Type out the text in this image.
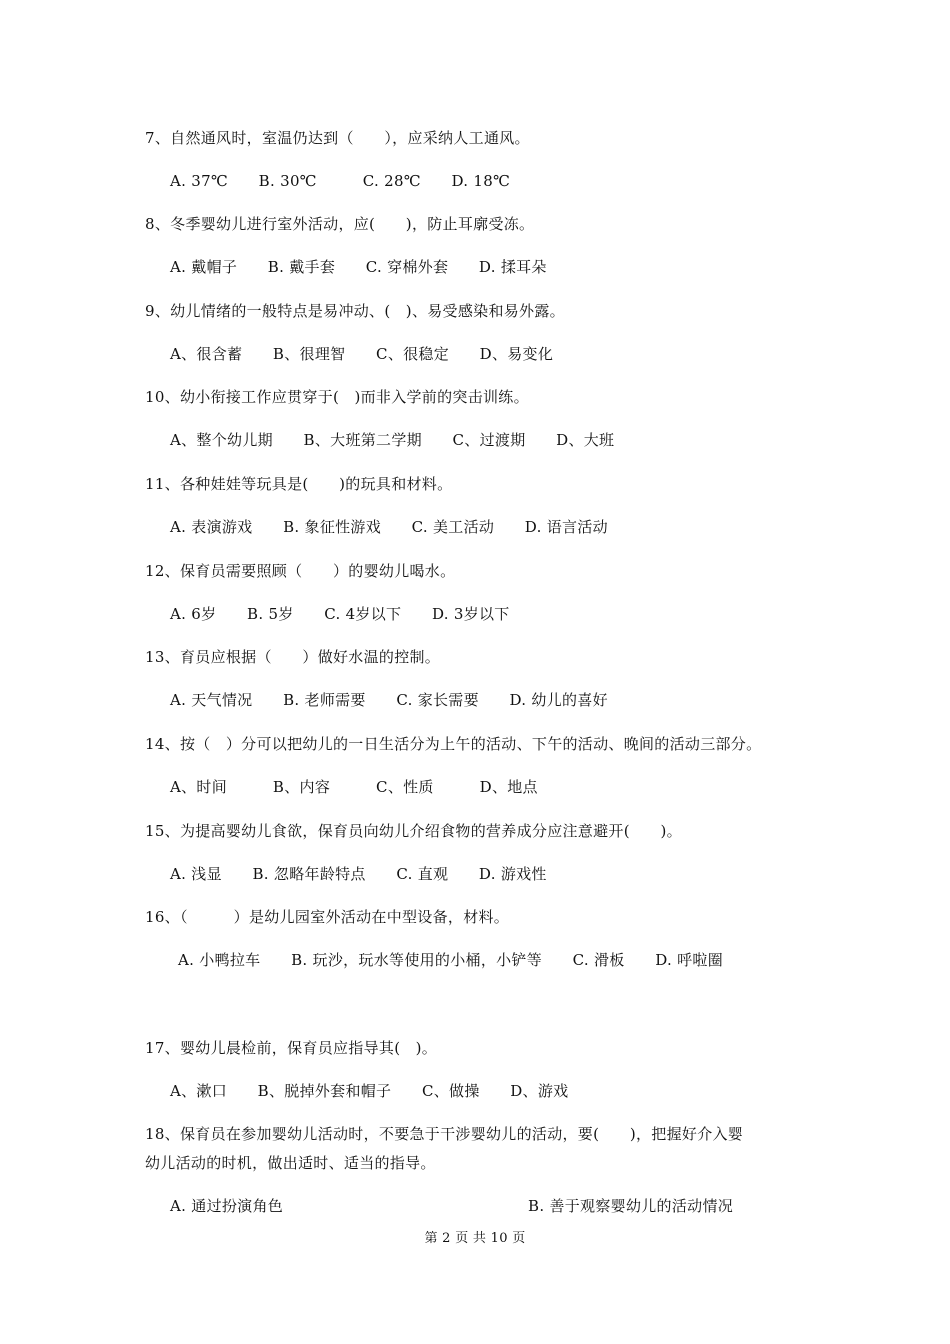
7、自然通风时，室温仍达到（　　），应采纳人工通风。
A. 37℃　　B. 30℃　　　C. 28℃　　D. 18℃
8、冬季婴幼儿进行室外活动，应(　　)，防止耳廓受冻。
A. 戴帽子　　B. 戴手套　　C. 穿棉外套　　D. 揉耳朵
9、幼儿情绪的一般特点是易冲动、(　)、易受感染和易外露。
A、很含蓄　　B、很理智　　C、很稳定　　D、易变化
10、幼小衔接工作应贯穿于(　)而非入学前的突击训练。
A、整个幼儿期　　B、大班第二学期　　C、过渡期　　D、大班
11、各种娃娃等玩具是(　　)的玩具和材料。
A. 表演游戏　　B. 象征性游戏　　C. 美工活动　　D. 语言活动
12、保育员需要照顾（　　）的婴幼儿喝水。
A. 6岁　　B. 5岁　　C. 4岁以下　　D. 3岁以下
13、育员应根据（　　）做好水温的控制。
A. 天气情况　　B. 老师需要　　C. 家长需要　　D. 幼儿的喜好
14、按（　）分可以把幼儿的一日生活分为上午的活动、下午的活动、晚间的活动三部分。
A、时间　　　B、内容　　　C、性质　　　D、地点
15、为提高婴幼儿食欲，保育员向幼儿介绍食物的营养成分应注意避开(　　)。
A. 浅显　　B. 忽略年龄特点　　C. 直观　　D. 游戏性
16、（　　　）是幼儿园室外活动在中型设备，材料。
A. 小鸭拉车　　B. 玩沙，玩水等使用的小桶，小铲等　　C. 滑板　　D. 呼啦圈
17、婴幼儿晨检前，保育员应指导其(　)。
A、漱口　　B、脱掉外套和帽子　　C、做操　　D、游戏
18、保育员在参加婴幼儿活动时，不要急于干涉婴幼儿的活动，要(　　)，把握好介入婴
幼儿活动的时机，做出适时、适当的指导。
A. 通过扮演角色	B. 善于观察婴幼儿的活动情况
第 2 页 共 10 页
